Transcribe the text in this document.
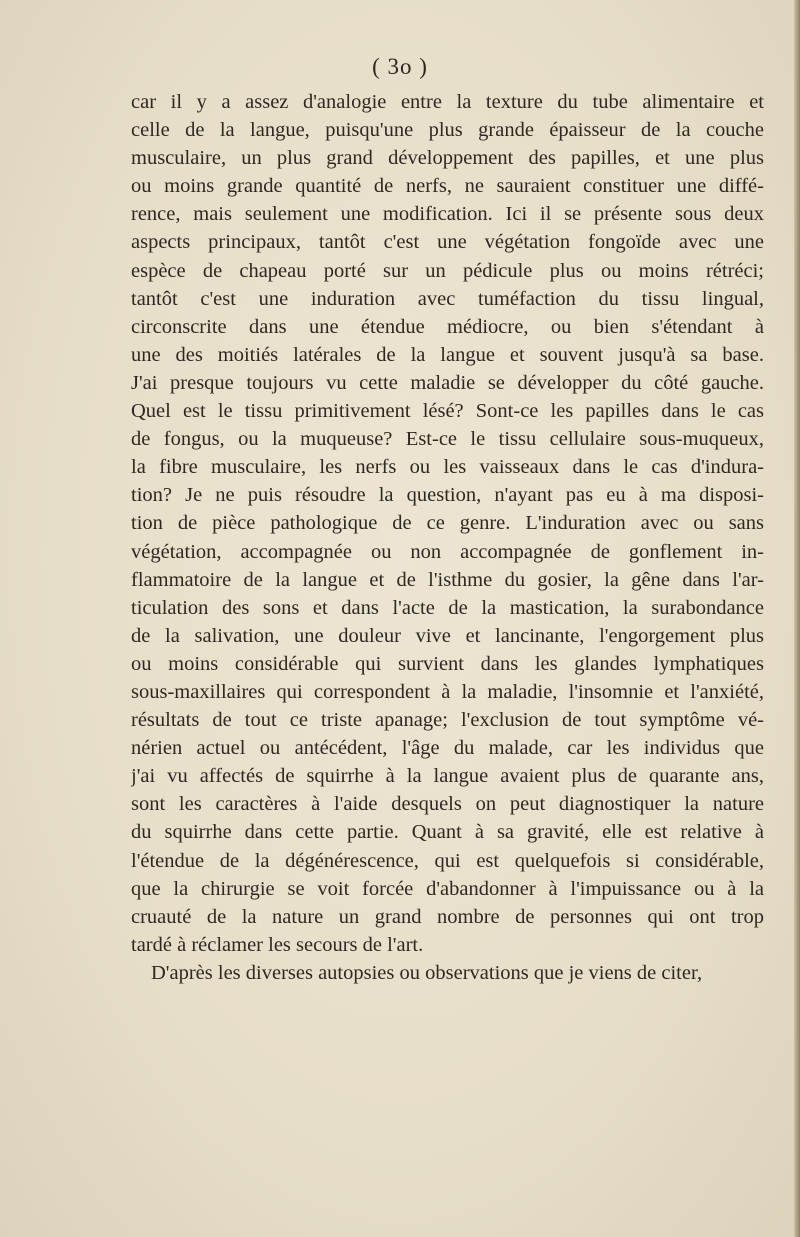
( 3o )
car il y a assez d'analogie entre la texture du tube alimentaire et
celle de la langue, puisqu'une plus grande épaisseur de la couche
musculaire, un plus grand développement des papilles, et une plus
ou moins grande quantité de nerfs, ne sauraient constituer une diffé-
rence, mais seulement une modification. Ici il se présente sous deux
aspects principaux, tantôt c'est une végétation fongoïde avec une
espèce de chapeau porté sur un pédicule plus ou moins rétréci;
tantôt c'est une induration avec tuméfaction du tissu lingual,
circonscrite dans une étendue médiocre, ou bien s'étendant à
une des moitiés latérales de la langue et souvent jusqu'à sa base.
J'ai presque toujours vu cette maladie se développer du côté gauche.
Quel est le tissu primitivement lésé? Sont-ce les papilles dans le cas
de fongus, ou la muqueuse? Est-ce le tissu cellulaire sous-muqueux,
la fibre musculaire, les nerfs ou les vaisseaux dans le cas d'indura-
tion? Je ne puis résoudre la question, n'ayant pas eu à ma disposi-
tion de pièce pathologique de ce genre. L'induration avec ou sans
végétation, accompagnée ou non accompagnée de gonflement in-
flammatoire de la langue et de l'isthme du gosier, la gêne dans l'ar-
ticulation des sons et dans l'acte de la mastication, la surabondance
de la salivation, une douleur vive et lancinante, l'engorgement plus
ou moins considérable qui survient dans les glandes lymphatiques
sous-maxillaires qui correspondent à la maladie, l'insomnie et l'anxiété,
résultats de tout ce triste apanage; l'exclusion de tout symptôme vé-
nérien actuel ou antécédent, l'âge du malade, car les individus que
j'ai vu affectés de squirrhe à la langue avaient plus de quarante ans,
sont les caractères à l'aide desquels on peut diagnostiquer la nature
du squirrhe dans cette partie. Quant à sa gravité, elle est relative à
l'étendue de la dégénérescence, qui est quelquefois si considérable,
que la chirurgie se voit forcée d'abandonner à l'impuissance ou à la
cruauté de la nature un grand nombre de personnes qui ont trop
tardé à réclamer les secours de l'art.
D'après les diverses autopsies ou observations que je viens de citer,
